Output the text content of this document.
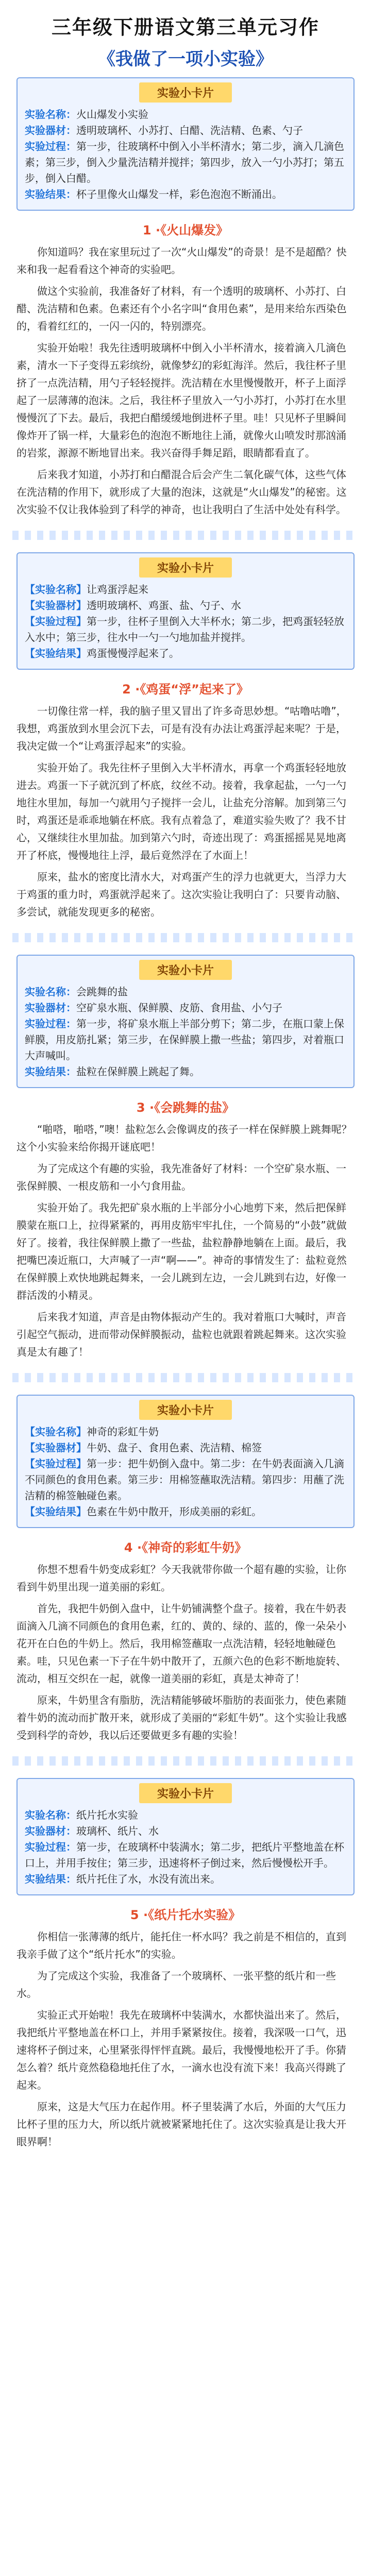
三年级下册语文第三单元习作
《我做了一项小实验》
实验小卡片
实验名称：火山爆发小实验
实验器材：透明玻璃杯、小苏打、白醋、洗洁精、色素、勺子
实验过程：第一步，往玻璃杯中倒入小半杯清水；第二步，滴入几滴色素；第三步，倒入少量洗洁精并搅拌；第四步，放入一勺小苏打；第五步，倒入白醋。
实验结果：杯子里像火山爆发一样，彩色泡泡不断涌出。
1 ·《火山爆发》
你知道吗？我在家里玩过了一次“火山爆发”的奇景！是不是超酷？快来和我一起看看这个神奇的实验吧。
做这个实验前，我准备好了材料，有一个透明的玻璃杯、小苏打、白醋、洗洁精和色素。色素还有个小名字叫“食用色素”，是用来给东西染色的，看着红红的，一闪一闪的，特别漂亮。
实验开始啦！我先往透明玻璃杯中倒入小半杯清水，接着滴入几滴色素，清水一下子变得五彩缤纷，就像梦幻的彩虹海洋。然后，我往杯子里挤了一点洗洁精，用勺子轻轻搅拌。洗洁精在水里慢慢散开，杯子上面浮起了一层薄薄的泡沫。之后，我往杯子里放入一勺小苏打，小苏打在水里慢慢沉了下去。最后，我把白醋缓缓地倒进杯子里。哇！只见杯子里瞬间像炸开了锅一样，大量彩色的泡泡不断地往上涌，就像火山喷发时那汹涌的岩浆，源源不断地冒出来。我兴奋得手舞足蹈，眼睛都看直了。
后来我才知道，小苏打和白醋混合后会产生二氧化碳气体，这些气体在洗洁精的作用下，就形成了大量的泡沫，这就是“火山爆发”的秘密。这次实验不仅让我体验到了科学的神奇，也让我明白了生活中处处有科学。
实验小卡片
【实验名称】让鸡蛋浮起来
【实验器材】透明玻璃杯、鸡蛋、盐、勺子、水
【实验过程】第一步，往杯子里倒入大半杯水；第二步，把鸡蛋轻轻放入水中；第三步，往水中一勺一勺地加盐并搅拌。
【实验结果】鸡蛋慢慢浮起来了。
2 ·《鸡蛋“浮”起来了》
一切像往常一样，我的脑子里又冒出了许多奇思妙想。“咕噜咕噜”，我想，鸡蛋放到水里会沉下去，可是有没有办法让鸡蛋浮起来呢？于是，我决定做一个“让鸡蛋浮起来”的实验。
实验开始了。我先往杯子里倒入大半杯清水，再拿一个鸡蛋轻轻地放进去。鸡蛋一下子就沉到了杯底，纹丝不动。接着，我拿起盐，一勺一勺地往水里加，每加一勺就用勺子搅拌一会儿，让盐充分溶解。加到第三勺时，鸡蛋还是乖乖地躺在杯底。我有点着急了，难道实验失败了？我不甘心，又继续往水里加盐。加到第六勺时，奇迹出现了：鸡蛋摇摇晃晃地离开了杯底，慢慢地往上浮，最后竟然浮在了水面上！
原来，盐水的密度比清水大，对鸡蛋产生的浮力也就更大，当浮力大于鸡蛋的重力时，鸡蛋就浮起来了。这次实验让我明白了：只要肯动脑、多尝试，就能发现更多的秘密。
实验小卡片
实验名称：会跳舞的盐
实验器材：空矿泉水瓶、保鲜膜、皮筋、食用盐、小勺子
实验过程：第一步，将矿泉水瓶上半部分剪下；第二步，在瓶口蒙上保鲜膜，用皮筋扎紧；第三步，在保鲜膜上撒一些盐；第四步，对着瓶口大声喊叫。
实验结果：盐粒在保鲜膜上跳起了舞。
3 ·《会跳舞的盐》
“啪嗒，啪嗒，”噢！盐粒怎么会像调皮的孩子一样在保鲜膜上跳舞呢？这个小实验来给你揭开谜底吧！
为了完成这个有趣的实验，我先准备好了材料：一个空矿泉水瓶、一张保鲜膜、一根皮筋和一小勺食用盐。
实验开始了。我先把矿泉水瓶的上半部分小心地剪下来，然后把保鲜膜蒙在瓶口上，拉得紧紧的，再用皮筋牢牢扎住，一个简易的“小鼓”就做好了。接着，我往保鲜膜上撒了一些盐，盐粒静静地躺在上面。最后，我把嘴巴凑近瓶口，大声喊了一声“啊——”。神奇的事情发生了：盐粒竟然在保鲜膜上欢快地跳起舞来，一会儿跳到左边，一会儿跳到右边，好像一群活泼的小精灵。
后来我才知道，声音是由物体振动产生的。我对着瓶口大喊时，声音引起空气振动，进而带动保鲜膜振动，盐粒也就跟着跳起舞来。这次实验真是太有趣了！
实验小卡片
【实验名称】神奇的彩虹牛奶
【实验器材】牛奶、盘子、食用色素、洗洁精、棉签
【实验过程】第一步：把牛奶倒入盘中。第二步：在牛奶表面滴入几滴不同颜色的食用色素。第三步：用棉签蘸取洗洁精。第四步：用蘸了洗洁精的棉签触碰色素。
【实验结果】色素在牛奶中散开，形成美丽的彩虹。
4 ·《神奇的彩虹牛奶》
你想不想看牛奶变成彩虹？今天我就带你做一个超有趣的实验，让你看到牛奶里出现一道美丽的彩虹。
首先，我把牛奶倒入盘中，让牛奶铺满整个盘子。接着，我在牛奶表面滴入几滴不同颜色的食用色素，红的、黄的、绿的、蓝的，像一朵朵小花开在白色的牛奶上。然后，我用棉签蘸取一点洗洁精，轻轻地触碰色素。哇，只见色素一下子在牛奶中散开了，五颜六色的色彩不断地旋转、流动，相互交织在一起，就像一道美丽的彩虹，真是太神奇了！
原来，牛奶里含有脂肪，洗洁精能够破坏脂肪的表面张力，使色素随着牛奶的流动而扩散开来，就形成了美丽的“彩虹牛奶”。这个实验让我感受到科学的奇妙，我以后还要做更多有趣的实验！
实验小卡片
实验名称：纸片托水实验
实验器材：玻璃杯、纸片、水
实验过程：第一步，在玻璃杯中装满水；第二步，把纸片平整地盖在杯口上，并用手按住；第三步，迅速将杯子倒过来，然后慢慢松开手。
实验结果：纸片托住了水，水没有流出来。
5 ·《纸片托水实验》
你相信一张薄薄的纸片，能托住一杯水吗？我之前是不相信的，直到我亲手做了这个“纸片托水”的实验。
为了完成这个实验，我准备了一个玻璃杯、一张平整的纸片和一些水。
实验正式开始啦！我先在玻璃杯中装满水，水都快溢出来了。然后，我把纸片平整地盖在杯口上，并用手紧紧按住。接着，我深吸一口气，迅速将杯子倒过来，心里紧张得怦怦直跳。最后，我慢慢地松开了手。你猜怎么着？纸片竟然稳稳地托住了水，一滴水也没有流下来！我高兴得跳了起来。
原来，这是大气压力在起作用。杯子里装满了水后，外面的大气压力比杯子里的压力大，所以纸片就被紧紧地托住了。这次实验真是让我大开眼界啊！
